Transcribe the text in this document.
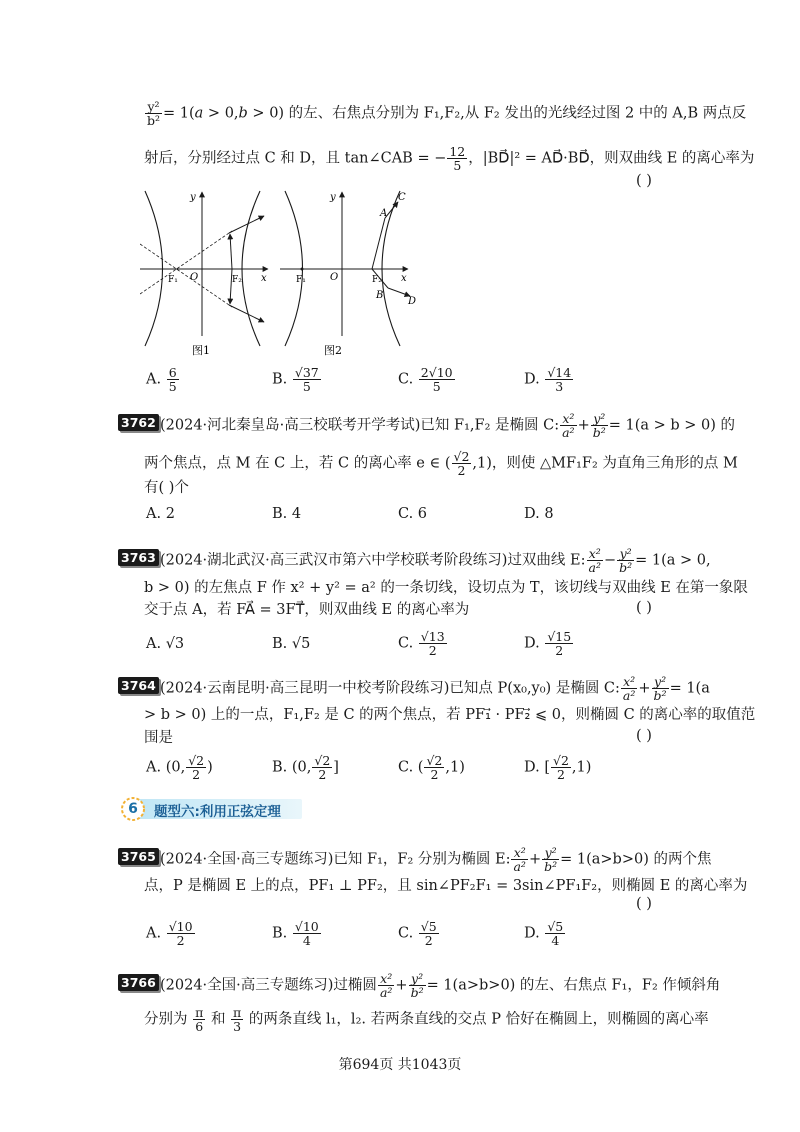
$\frac{\text{y²}}{\text{b²}} = 1(a > 0,b > 0)$ 的左、右焦点分别为 F₁,F₂,从 F₂ 发出的光线经过图 2 中的 A,B 两点反
射后，分别经过点 C 和 D，且 tan∠CAB = − $\frac{12}{5}$ ，|BD⃗|² = AD⃗·BD⃗，则双曲线 E 的离心率为
( )
y
x
O
F₁	F₂
图1
y
x
O
F₁	F₂
A
B
C
D
图2
A. $\frac{6}{5}$	B. $\frac{√37}{5}$	C. $\frac{2√10}{5}$	D. $\frac{√14}{3}$
3762 (2024·河北秦皇岛·高三校联考开学考试)已知 F₁,F₂ 是椭圆 C: $\frac{\text{x²}}{\text{a²}} + \frac{\text{y²}}{\text{b²}} = 1(a > b > 0)$ 的
两个焦点，点 M 在 C 上，若 C 的离心率 e ∈ ( $\frac{√2}{2} ,1$)，则使 △MF₁F₂ 为直角三角形的点 M
有( )个
A. 2	B. 4	C. 6	D. 8
3763 (2024·湖北武汉·高三武汉市第六中学校联考阶段练习)过双曲线 E: $\frac{\text{x²}}{\text{a²}} - \frac{\text{y²}}{\text{b²}} = 1(a > 0$,
b > 0) 的左焦点 F 作 x² + y² = a² 的一条切线，设切点为 T，该切线与双曲线 E 在第一象限
交于点 A，若 FA⃗ = 3FT⃗，则双曲线 E 的离心率为	( )
A. √3	B. √5	C. $\frac{√13}{2}$	D. $\frac{√15}{2}$
3764 (2024·云南昆明·高三昆明一中校考阶段练习)已知点 P(x₀,y₀) 是椭圆 C: $\frac{\text{x²}}{\text{a²}} + \frac{\text{y²}}{\text{b²}} = 1(a$
> b > 0) 上的一点，F₁,F₂ 是 C 的两个焦点，若 PF₁⃗ · PF₂⃗ ⩽ 0，则椭圆 C 的离心率的取值范
围是	( )
A. (0, $\frac{√2}{2}$ )	B. (0, $\frac{√2}{2}$ ]	C. ( $\frac{√2}{2} ,1$)	D. [ $\frac{√2}{2} ,1$)
6	题型六:利用正弦定理
3765 (2024·全国·高三专题练习)已知 F₁，F₂ 分别为椭圆 E: $\frac{\text{x²}}{\text{a²}} + \frac{\text{y²}}{\text{b²}} = 1(a>b>0)$ 的两个焦
点，P 是椭圆 E 上的点，PF₁ ⊥ PF₂，且 sin∠PF₂F₁ = 3sin∠PF₁F₂，则椭圆 E 的离心率为
( )
A. $\frac{√10}{2}$	B. $\frac{√10}{4}$	C. $\frac{√5}{2}$	D. $\frac{√5}{4}$
3766 (2024·全国·高三专题练习)过椭圆 $\frac{\text{x²}}{\text{a²}} + \frac{\text{y²}}{\text{b²}} = 1(a>b>0)$ 的左、右焦点 F₁，F₂ 作倾斜角
分别为 $\frac{\pi}{6}$ 和 $\frac{\pi}{3}$ 的两条直线 l₁，l₂. 若两条直线的交点 P 恰好在椭圆上，则椭圆的离心率
第694页 共1043页
